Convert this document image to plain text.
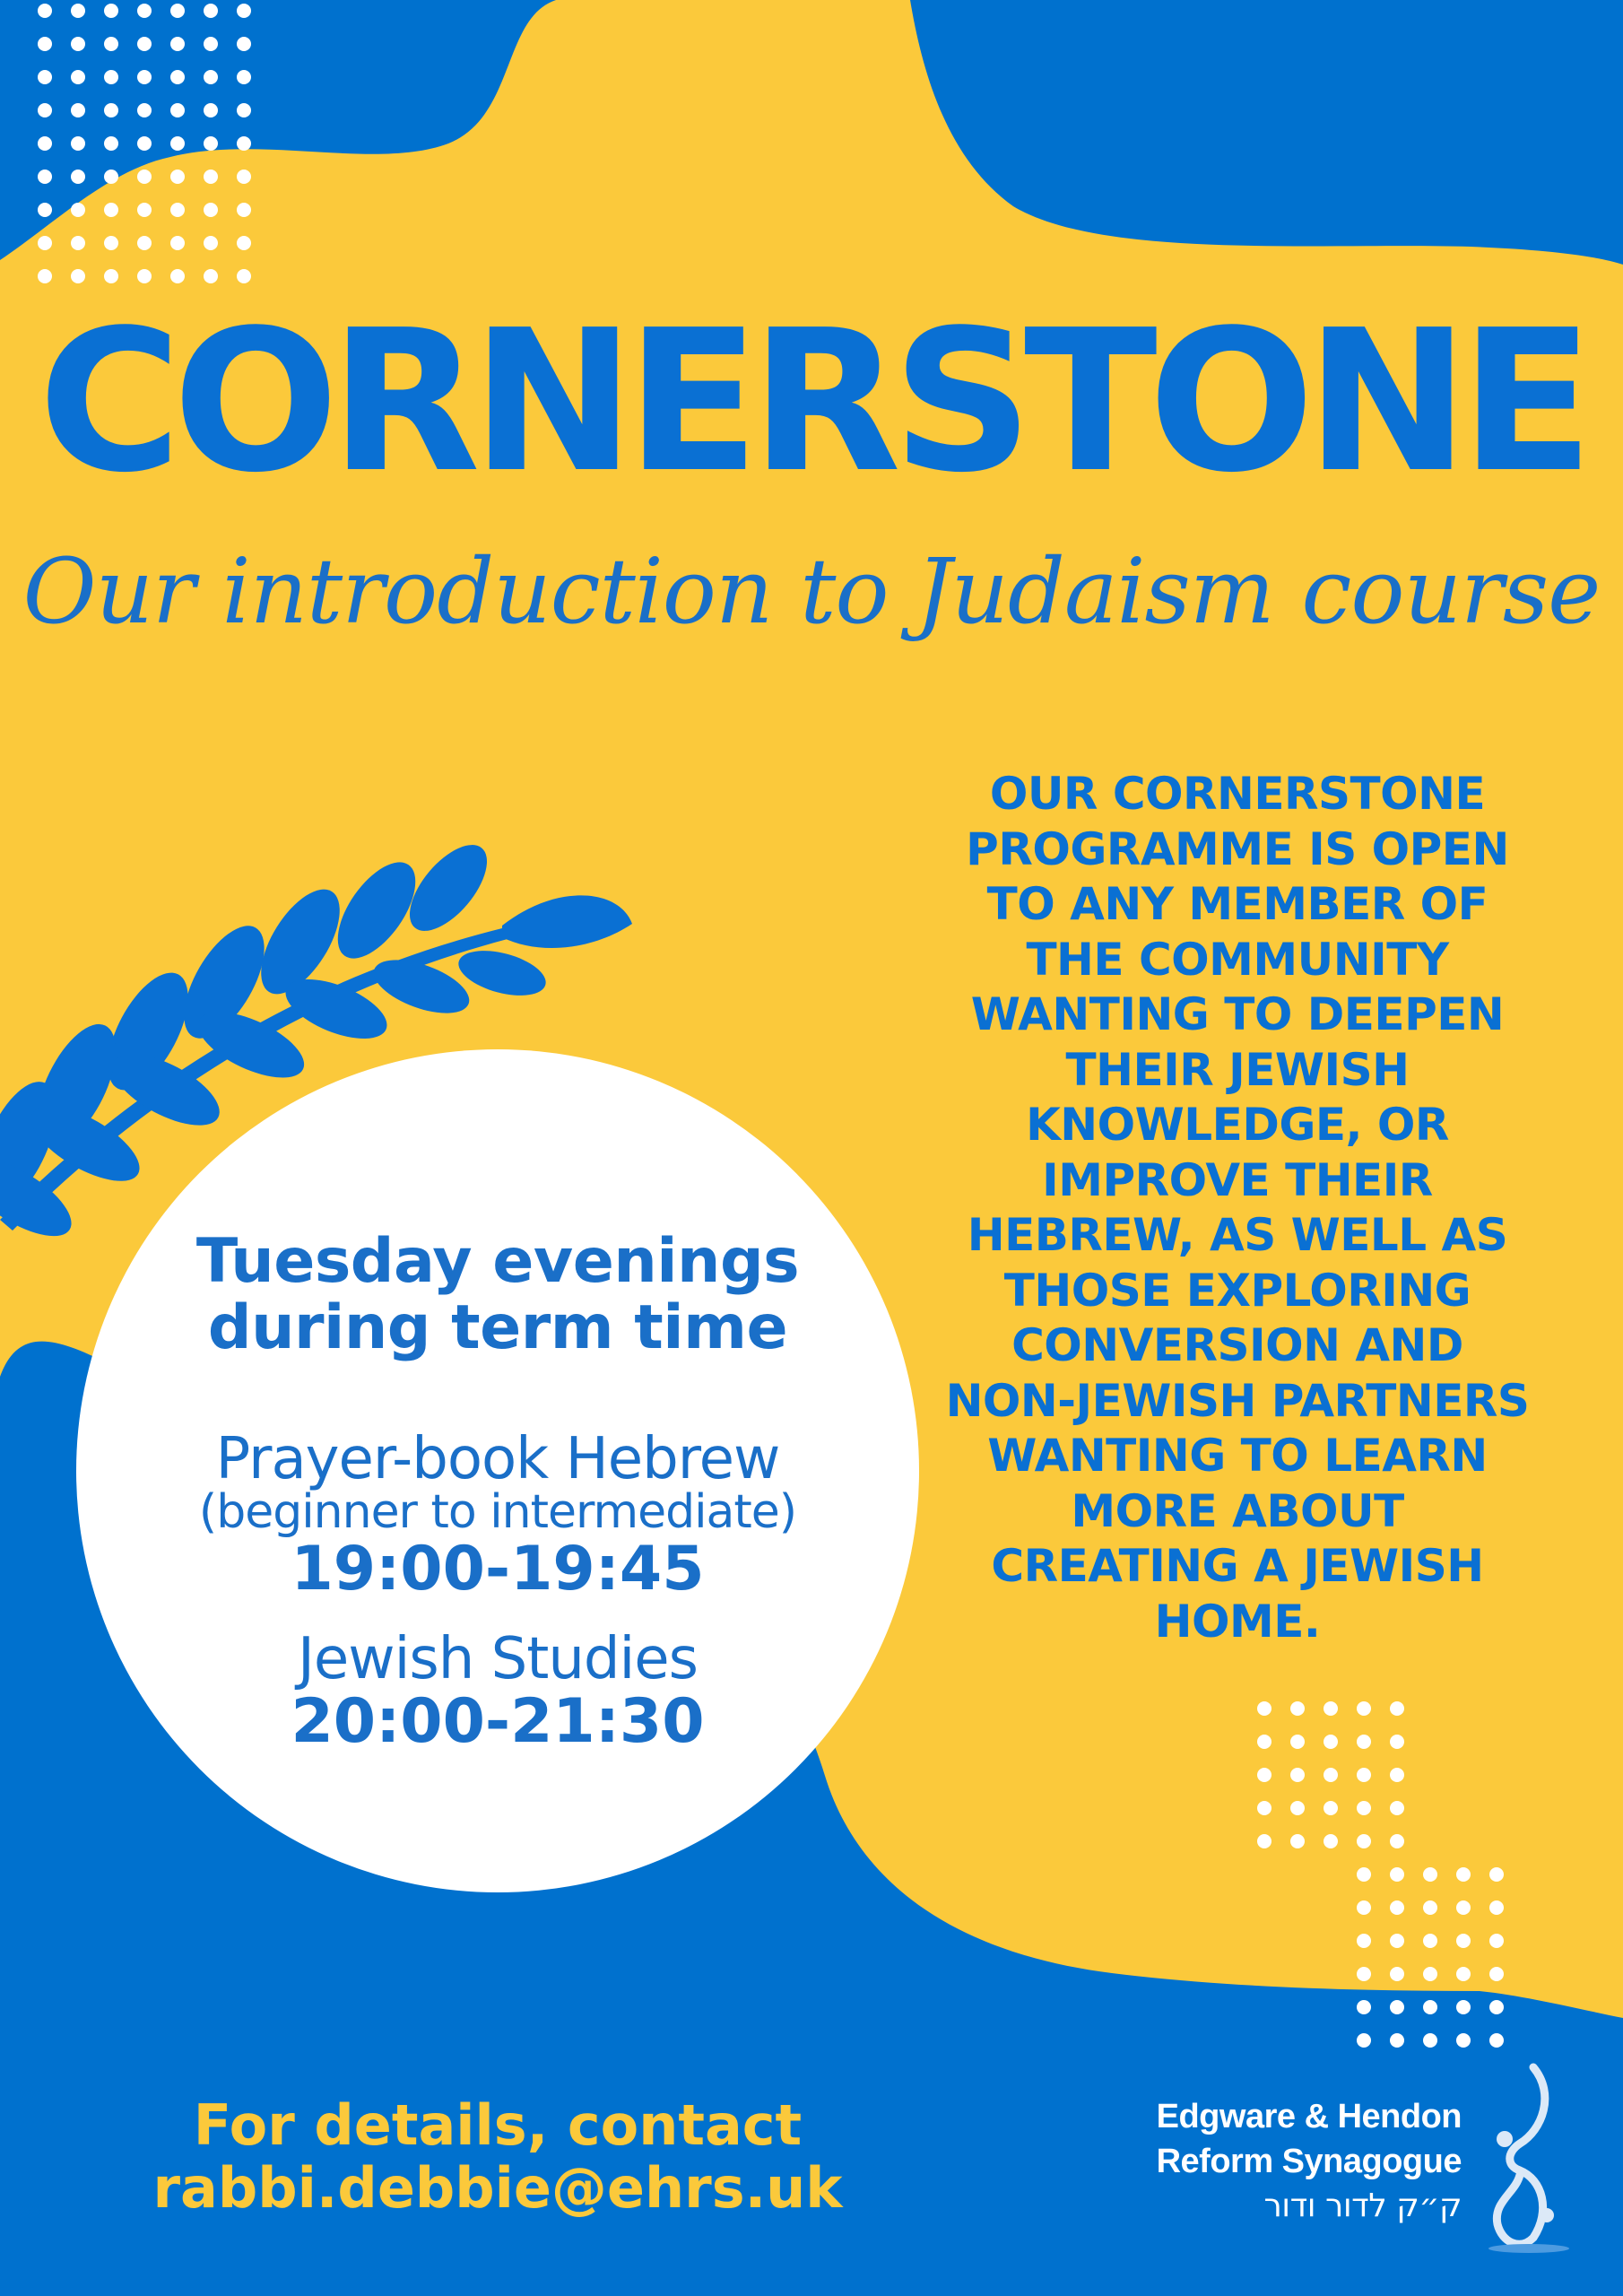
CORNERSTONE
Our introduction to Judaism course
OUR CORNERSTONE PROGRAMME IS OPEN TO ANY MEMBER OF THE COMMUNITY WANTING TO DEEPEN THEIR JEWISH KNOWLEDGE, OR IMPROVE THEIR HEBREW, AS WELL AS THOSE EXPLORING CONVERSION AND NON-JEWISH PARTNERS WANTING TO LEARN MORE ABOUT CREATING A JEWISH HOME.
Tuesday evenings during term time
Prayer-book Hebrew
(beginner to intermediate)
19:00-19:45
Jewish Studies
20:00-21:30
For details, contact
rabbi.debbie@ehrs.uk
Edgware & Hendon
Reform Synagogue
ק״ק לדור ודור
